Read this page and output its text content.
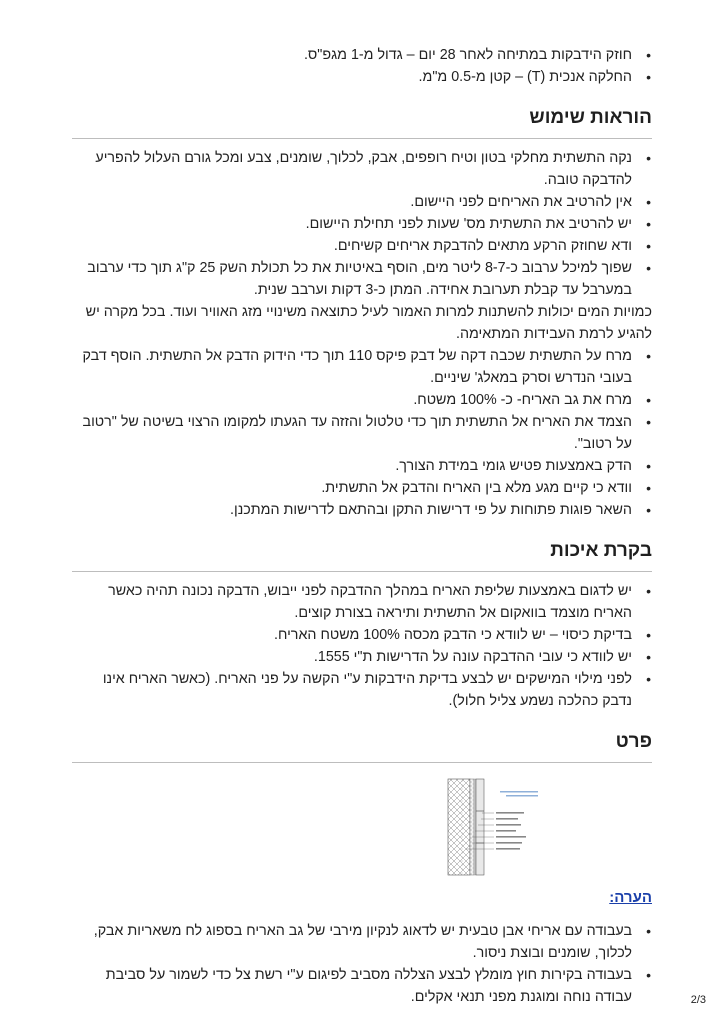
• חוזק הידבקות במתיחה לאחר 28 יום – גדול מ-1 מגפ"ס.
• החלקה אנכית (T) – קטן מ-0.5 מ"מ.
הוראות שימוש
• נקה התשתית מחלקי בטון וטיח רופפים, אבק, לכלוך, שומנים, צבע ומכל גורם העלול להפריע להדבקה טובה.
• אין להרטיב את האריחים לפני היישום.
• יש להרטיב את התשתית מס' שעות לפני תחילת היישום.
• ודא שחוזק הרקע מתאים להדבקת אריחים קשיחים.
• שפוך למיכל ערבוב כ-8-7 ליטר מים, הוסף באיטיות את כל תכולת השק 25 ק"ג תוך כדי ערבוב במערבל עד קבלת תערובת אחידה. המתן כ-3 דקות וערבב שנית.
כמויות המים יכולות להשתנות למרות האמור לעיל כתוצאה משינויי מזג האוויר ועוד. בכל מקרה יש להגיע לרמת העבידות המתאימה.
• מרח על התשתית שכבה דקה של דבק פיקס 110 תוך כדי הידוק הדבק אל התשתית. הוסף דבק בעובי הנדרש וסרק במאלג' שיניים.
• מרח את גב האריח- כ- 100% משטח.
• הצמד את האריח אל התשתית תוך כדי טלטול והזזה עד הגעתו למקומו הרצוי בשיטה של "רטוב על רטוב".
• הדק באמצעות פטיש גומי במידת הצורך.
• וודא כי קיים מגע מלא בין האריח והדבק אל התשתית.
• השאר פוגות פתוחות על פי דרישות התקן ובהתאם לדרישות המתכנן.
בקרת איכות
• יש לדגום באמצעות שליפת האריח במהלך ההדבקה לפני ייבוש, הדבקה נכונה תהיה כאשר האריח מוצמד בוואקום אל התשתית ותיראה בצורת קוצים.
• בדיקת כיסוי – יש לוודא כי הדבק מכסה 100% משטח האריח.
• יש לוודא כי עובי ההדבקה עונה על הדרישות ת"י 1555.
• לפני מילוי המישקים יש לבצע בדיקת הידבקות ע"י הקשה על פני האריח. (כאשר האריח אינו נדבק כהלכה נשמע צליל חלול).
פרט
הערה:
• בעבודה עם אריחי אבן טבעית יש לדאוג לנקיון מירבי של גב האריח בספוג לח משאריות אבק, לכלוך, שומנים ובוצת ניסור.
• בעבודה בקירות חוץ מומלץ לבצע הצללה מסביב לפיגום ע"י רשת צל כדי לשמור על סביבת עבודה נוחה ומוגנת מפני תנאי אקלים.	2/3
